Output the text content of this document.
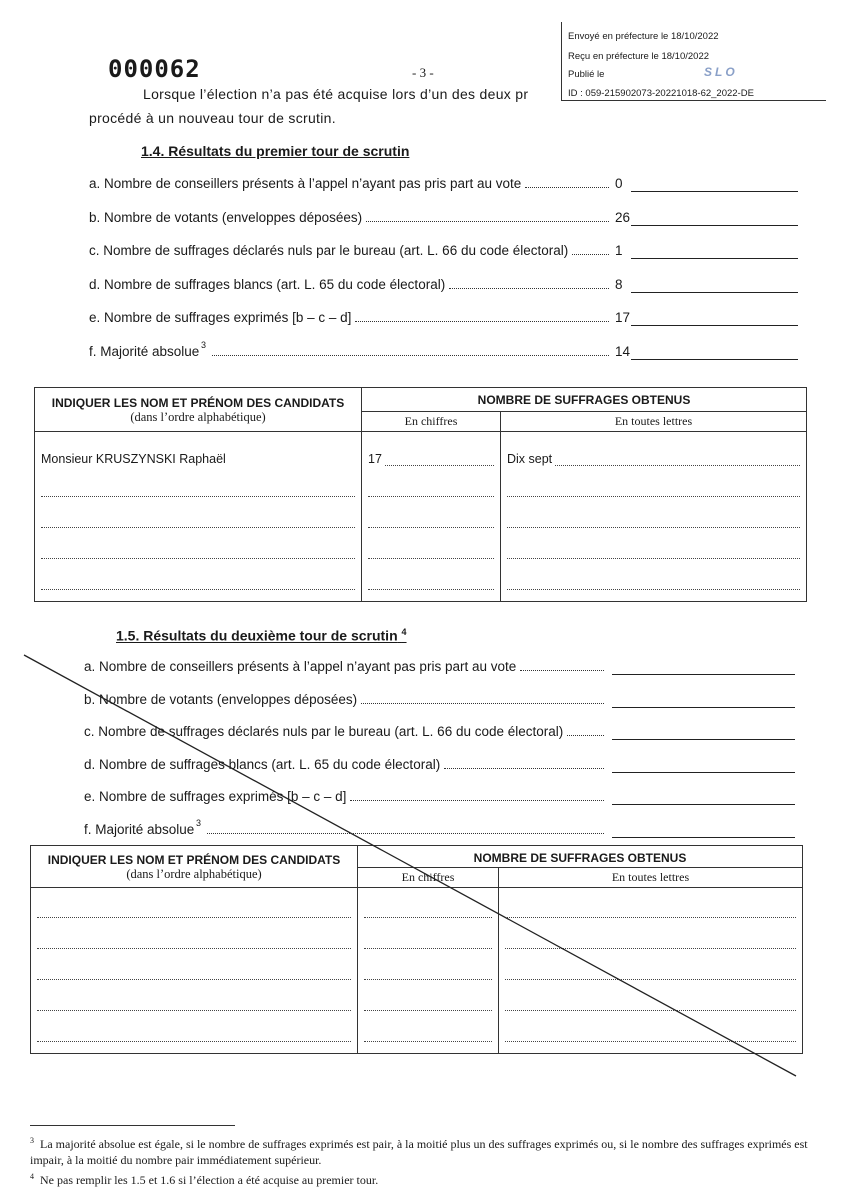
Envoyé en préfecture le 18/10/2022
Reçu en préfecture le 18/10/2022
Publié le	SLO
ID : 059-215902073-20221018-62_2022-DE
000062	- 3 -
Lorsque l’élection n’a pas été acquise lors d’un des deux pr
procédé à un nouveau tour de scrutin.
1.4. Résultats du premier tour de scrutin
a. Nombre de conseillers présents à l’appel n’ayant pas pris part au vote	0
b. Nombre de votants (enveloppes déposées)	26
c. Nombre de suffrages déclarés nuls par le bureau (art. L. 66 du code électoral)	1
d. Nombre de suffrages blancs (art. L. 65 du code électoral)	8
e. Nombre de suffrages exprimés [b – c – d]	17
f. Majorité absolue 3	14
INDIQUER LES NOM ET PRÉNOM DES CANDIDATS
(dans l’ordre alphabétique)	NOMBRE DE SUFFRAGES OBTENUS	
	En chiffres	En toutes lettres

Monsieur KRUSZYNSKI Raphaël	17	Dix sept
1.5. Résultats du deuxième tour de scrutin $^4$
a. Nombre de conseillers présents à l’appel n’ayant pas pris part au vote
b. Nombre de votants (enveloppes déposées)
c. Nombre de suffrages déclarés nuls par le bureau (art. L. 66 du code électoral)
d. Nombre de suffrages blancs (art. L. 65 du code électoral)
e. Nombre de suffrages exprimés [b – c – d]
f. Majorité absolue 3
INDIQUER LES NOM ET PRÉNOM DES CANDIDATS
(dans l’ordre alphabétique)	NOMBRE DE SUFFRAGES OBTENUS	
	En chiffres	En toutes lettres

$^3$ La majorité absolue est égale, si le nombre de suffrages exprimés est pair, à la moitié plus un des suffrages exprimés ou, si le nombre des suffrages exprimés est impair, à la moitié du nombre pair immédiatement supérieur.
$^4$ Ne pas remplir les 1.5 et 1.6 si l’élection a été acquise au premier tour.
